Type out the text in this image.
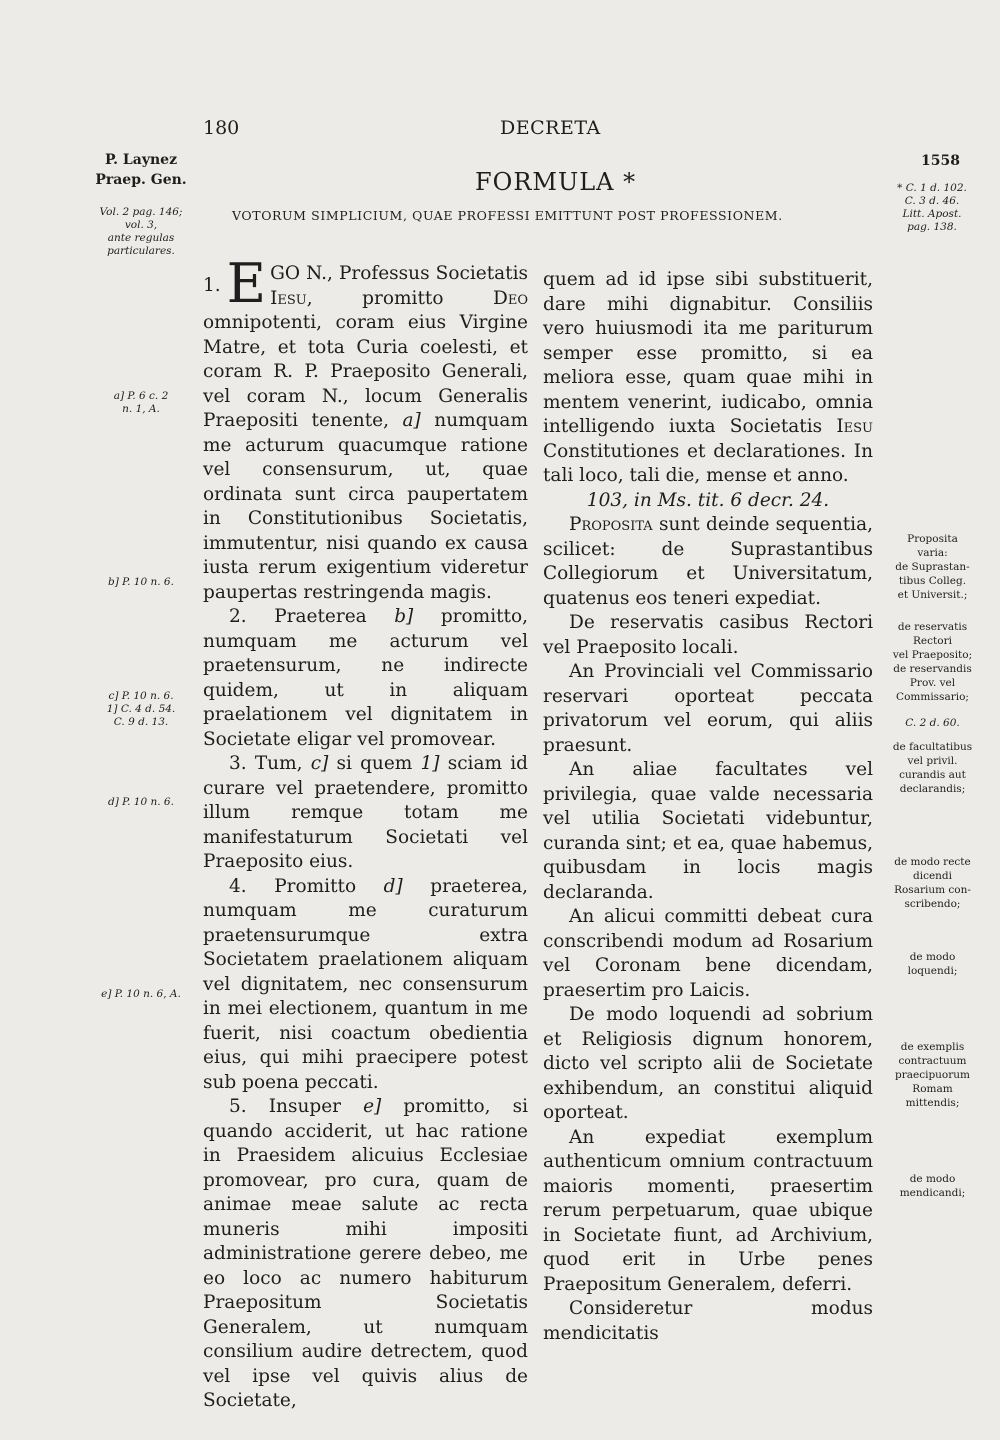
180	DECRETA
P. Laynez
Praep. Gen.
1558
FORMULA *
VOTORUM SIMPLICIUM, QUAE PROFESSI EMITTUNT POST PROFESSIONEM.
Vol. 2 pag. 146;
vol. 3,
ante regulas
particulares.
a] P. 6 c. 2
n. 1, A.
b] P. 10 n. 6.
c] P. 10 n. 6.
1] C. 4 d. 54.
C. 9 d. 13.
d] P. 10 n. 6.
e] P. 10 n. 6, A.
* C. 1 d. 102.
C. 3 d. 46.
Litt. Apost.
pag. 138.
Proposita
varia:
de Suprastan-
tibus Colleg.
et Universit.;
de reservatis
Rectori
vel Praeposito;
de reservandis
Prov. vel
Commissario;
C. 2 d. 60.
de facultatibus
vel privil.
curandis aut
declarandis;
de modo recte
dicendi
Rosarium con-
scribendo;
de modo
loquendi;
de exemplis
contractuum
praecipuorum
Romam
mittendis;
de modo
mendicandi;

1. E GO N., Professus Societatis Iesu, promitto Deo omnipotenti, coram eius Virgine Matre, et tota Curia coelesti, et coram R. P. Praeposito Generali, vel coram N., locum Generalis Praepositi tenente, a] numquam me acturum quacumque ratione vel consensurum, ut, quae ordinata sunt circa paupertatem in Constitutionibus Societatis, immutentur, nisi quando ex causa iusta rerum exigentium videretur paupertas restringenda magis.

2. Praeterea b] promitto, numquam me acturum vel praetensurum, ne indirecte quidem, ut in aliquam praelationem vel dignitatem in Societate eligar vel promovear.

3. Tum, c] si quem 1] sciam id curare vel praetendere, promitto illum remque totam me manifestaturum Societati vel Praeposito eius.

4. Promitto d] praeterea, numquam me curaturum praetensurumque extra Societatem praelationem aliquam vel dignitatem, nec consensurum in mei electionem, quantum in me fuerit, nisi coactum obedientia eius, qui mihi praecipere potest sub poena peccati.

5. Insuper e] promitto, si quando acciderit, ut hac ratione in Praesidem alicuius Ecclesiae promovear, pro cura, quam de animae meae salute ac recta muneris mihi impositi administratione gerere debeo, me eo loco ac numero habiturum Praepositum Societatis Generalem, ut numquam consilium audire detrectem, quod vel ipse vel quivis alius de Societate,

quem ad id ipse sibi substituerit, dare mihi dignabitur. Consiliis vero huiusmodi ita me pariturum semper esse promitto, si ea meliora esse, quam quae mihi in mentem venerint, iudicabo, omnia intelligendo iuxta Societatis Iesu Constitutiones et declarationes. In tali loco, tali die, mense et anno.

103, in Ms. tit. 6 decr. 24.

Proposita sunt deinde sequentia, scilicet: de Suprastantibus Collegiorum et Universitatum, quatenus eos teneri expediat.

De reservatis casibus Rectori vel Praeposito locali.

An Provinciali vel Commissario reservari oporteat peccata privatorum vel eorum, qui aliis praesunt.

An aliae facultates vel privilegia, quae valde necessaria vel utilia Societati videbuntur, curanda sint; et ea, quae habemus, quibusdam in locis magis declaranda.

An alicui committi debeat cura conscribendi modum ad Rosarium vel Coronam bene dicendam, praesertim pro Laicis.

De modo loquendi ad sobrium et Religiosis dignum honorem, dicto vel scripto alii de Societate exhibendum, an constitui aliquid oporteat.

An expediat exemplum authenticum omnium contractuum maioris momenti, praesertim rerum perpetuarum, quae ubique in Societate fiunt, ad Archivium, quod erit in Urbe penes Praepositum Generalem, deferri.

Consideretur modus mendicitatis
